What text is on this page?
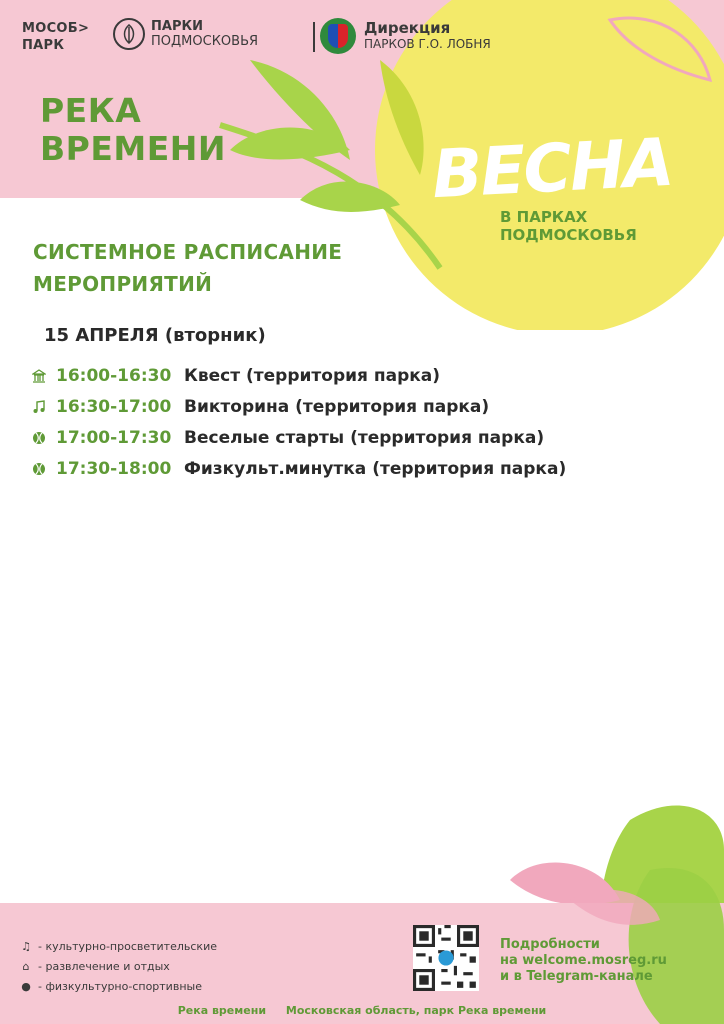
МОСОБ>
ПАРК
ПАРКИ
ПОДМОСКОВЬЯ
Дирекция
ПАРКОВ Г.О. ЛОБНЯ
РЕКА
ВРЕМЕНИ	ВЕСНА
В ПАРКАХ
ПОДМОСКОВЬЯ
СИСТЕМНОЕ РАСПИСАНИЕ
МЕРОПРИЯТИЙ
15 АПРЕЛЯ (вторник)
16:00-16:30 Квест (территория парка)
16:30-17:00 Викторина (территория парка)
17:00-17:30 Веселые старты (территория парка)
17:30-18:00 Физкульт.минутка (территория парка)
♫ - культурно-просветительские
⌂ - развлечение и отдых
● - физкультурно-спортивные
Подробности
на welcome.mosreg.ru
и в Telegram-канале
Река времени Московская область, парк Река времени
